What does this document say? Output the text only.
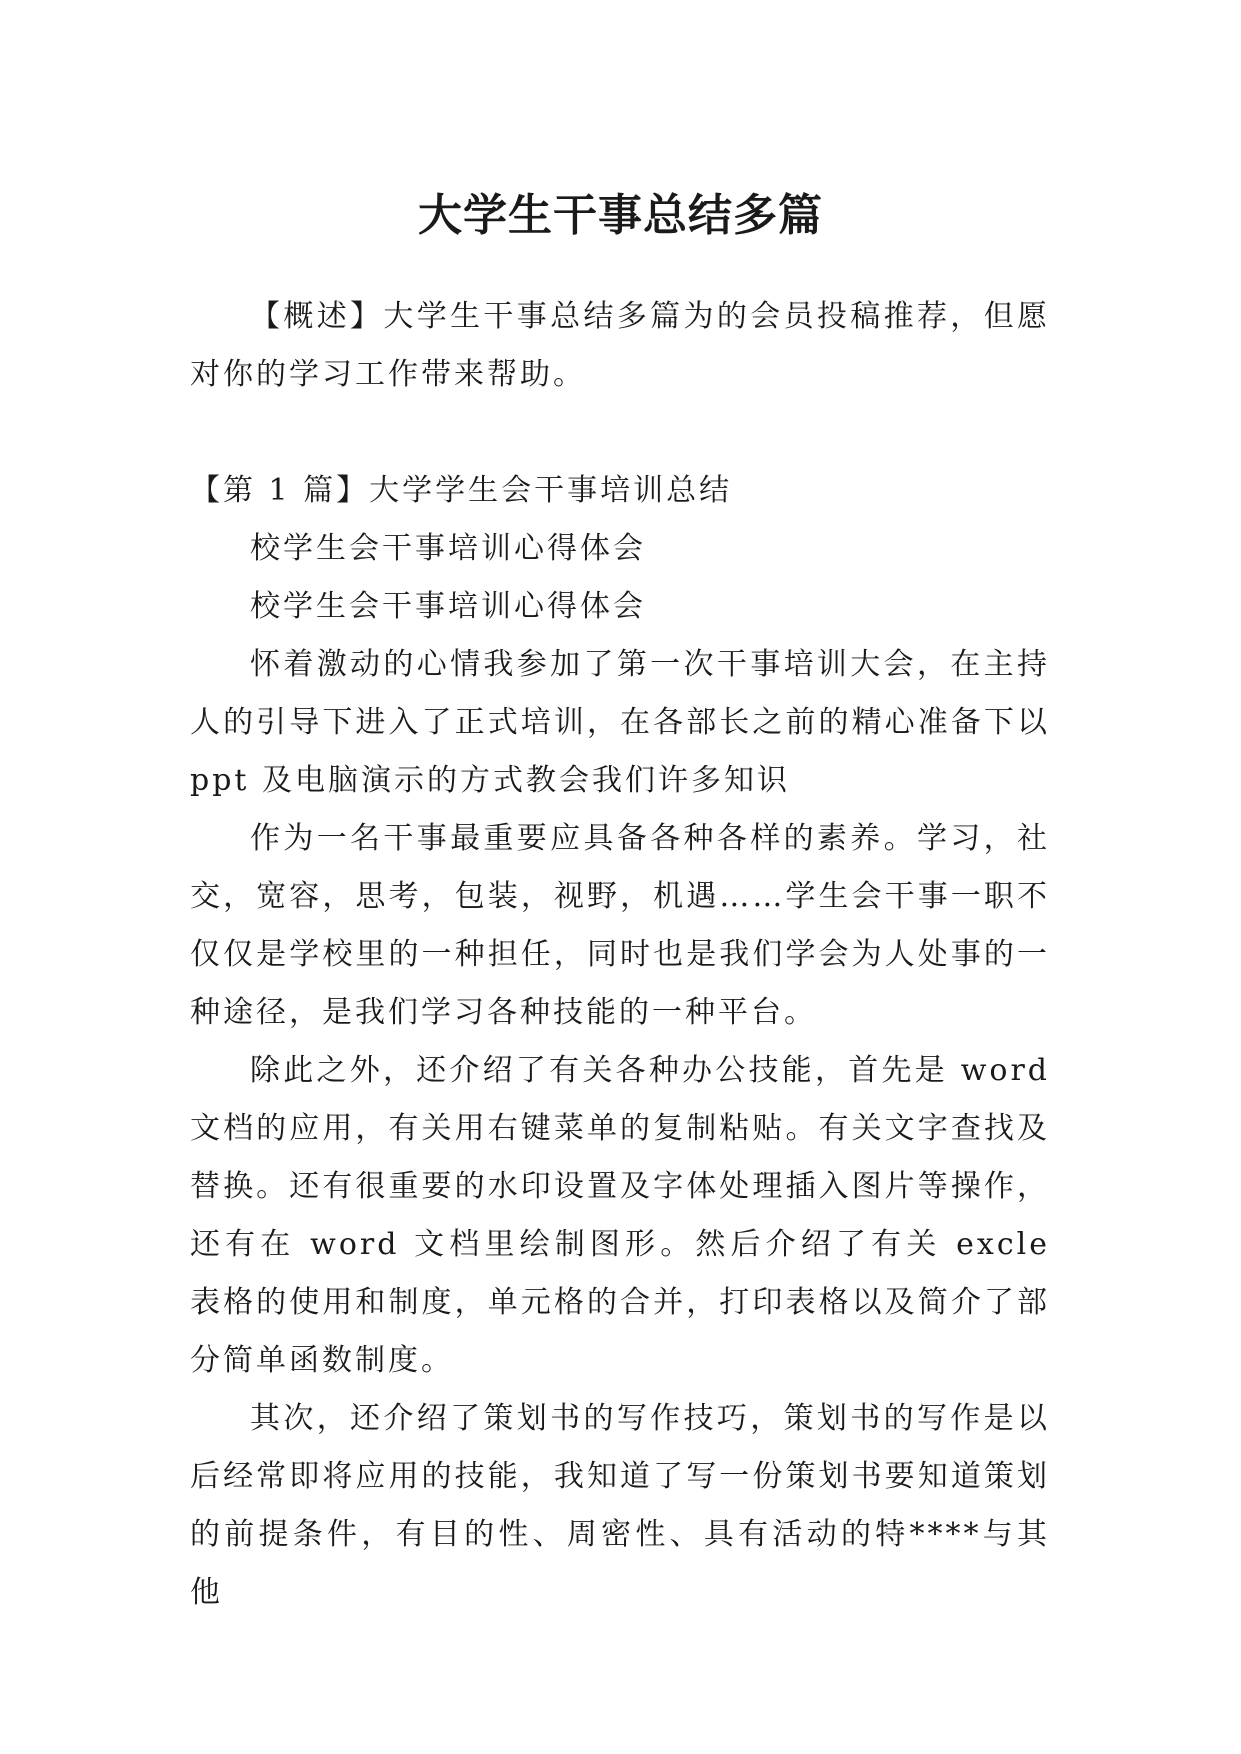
大学生干事总结多篇

【概述】大学生干事总结多篇为的会员投稿推荐，但愿对你的学习工作带来帮助。

【第 1 篇】大学学生会干事培训总结

校学生会干事培训心得体会

校学生会干事培训心得体会

怀着激动的心情我参加了第一次干事培训大会，在主持人的引导下进入了正式培训，在各部长之前的精心准备下以 ppt 及电脑演示的方式教会我们许多知识

作为一名干事最重要应具备各种各样的素养。学习，社交，宽容，思考，包装，视野，机遇……学生会干事一职不仅仅是学校里的一种担任，同时也是我们学会为人处事的一种途径，是我们学习各种技能的一种平台。

除此之外，还介绍了有关各种办公技能，首先是 word 文档的应用，有关用右键菜单的复制粘贴。有关文字查找及替换。还有很重要的水印设置及字体处理插入图片等操作，还有在 word 文档里绘制图形。然后介绍了有关 excle 表格的使用和制度，单元格的合并，打印表格以及简介了部分简单函数制度。

其次，还介绍了策划书的写作技巧，策划书的写作是以后经常即将应用的技能，我知道了写一份策划书要知道策划的前提条件，有目的性、周密性、具有活动的特****与其他
